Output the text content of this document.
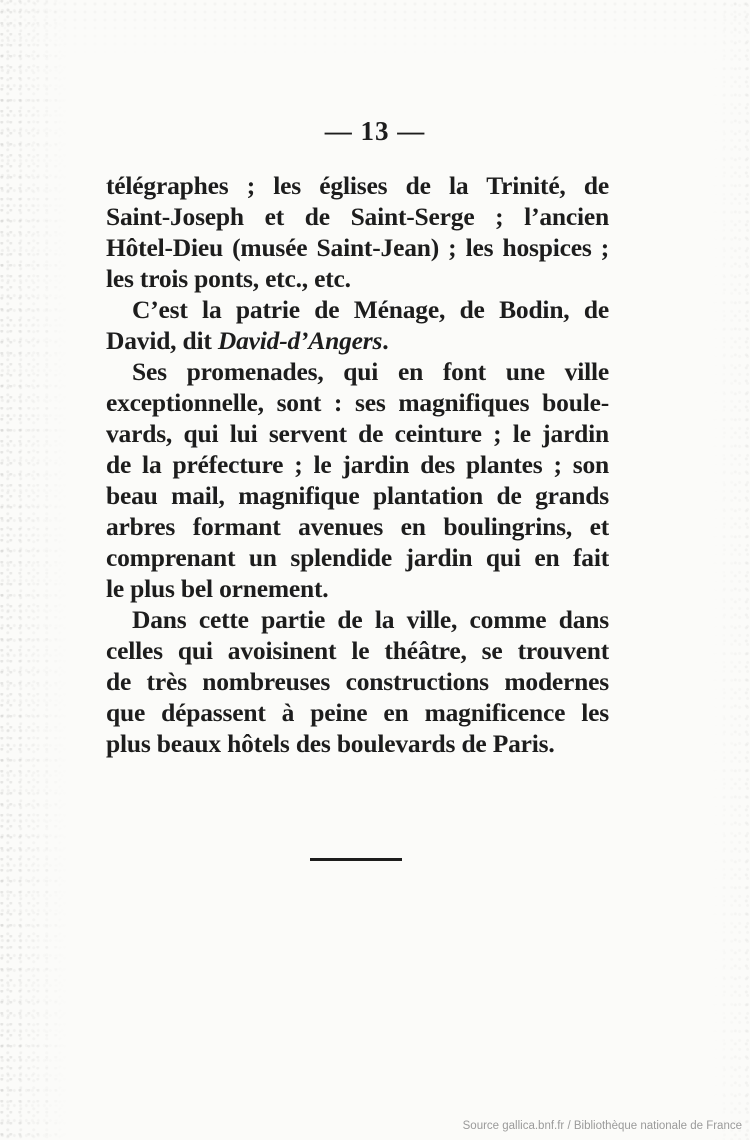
— 13 —
télégraphes ; les églises de la Trinité, de
Saint-Joseph et de Saint-Serge ; l’ancien
Hôtel-Dieu (musée Saint-Jean) ; les hospices ;
les trois ponts, etc., etc.
C’est la patrie de Ménage, de Bodin, de
David, dit David-d’Angers.
Ses promenades, qui en font une ville
exceptionnelle, sont : ses magnifiques boule-
vards, qui lui servent de ceinture ; le jardin
de la préfecture ; le jardin des plantes ; son
beau mail, magnifique plantation de grands
arbres formant avenues en boulingrins, et
comprenant un splendide jardin qui en fait
le plus bel ornement.
Dans cette partie de la ville, comme dans
celles qui avoisinent le théâtre, se trouvent
de très nombreuses constructions modernes
que dépassent à peine en magnificence les
plus beaux hôtels des boulevards de Paris.
Source gallica.bnf.fr / Bibliothèque nationale de France
